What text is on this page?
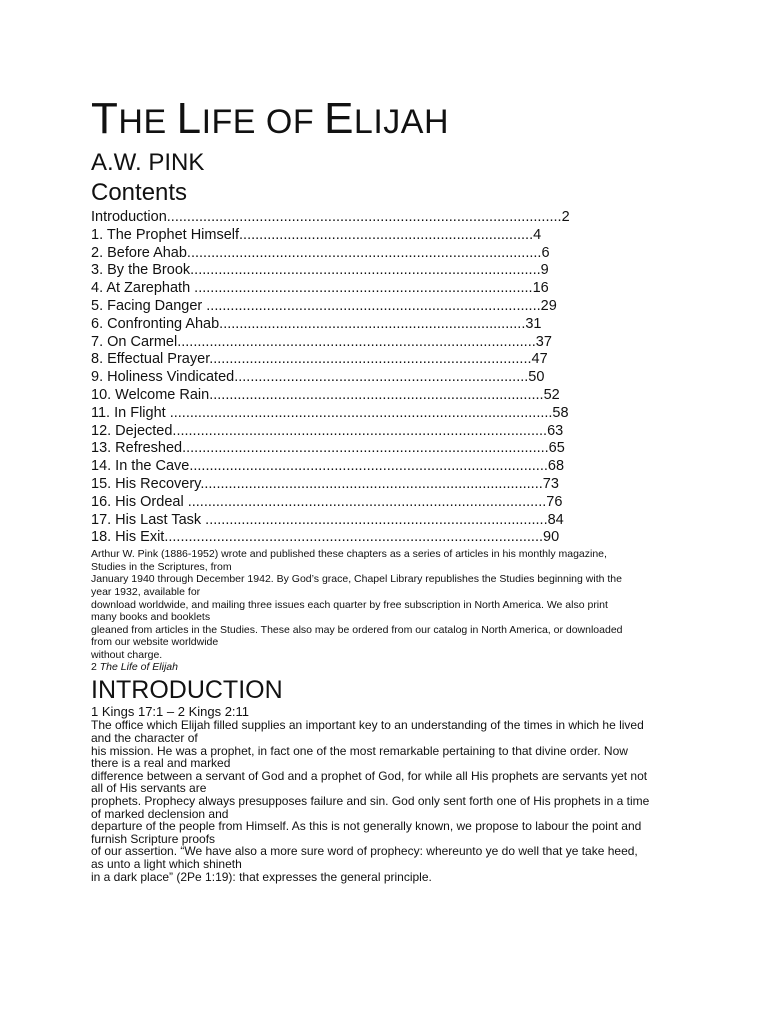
THE LIFE OF ELIJAH
A.W. PINK
Contents
Introduction..................................................................................................2
1. The Prophet Himself.........................................................................4
2. Before Ahab........................................................................................6
3. By the Brook.......................................................................................9
4. At Zarephath ....................................................................................16
5. Facing Danger ...................................................................................29
6. Confronting Ahab............................................................................31
7. On Carmel.........................................................................................37
8. Effectual Prayer................................................................................47
9. Holiness Vindicated.........................................................................50
10. Welcome Rain...................................................................................52
11. In Flight ...............................................................................................58
12. Dejected.............................................................................................63
13. Refreshed...........................................................................................65
14. In the Cave.........................................................................................68
15. His Recovery.....................................................................................73
16. His Ordeal .........................................................................................76
17. His Last Task .....................................................................................84
18. His Exit..............................................................................................90
Arthur W. Pink (1886-1952) wrote and published these chapters as a series of articles in his monthly magazine,
Studies in the Scriptures, from
January 1940 through December 1942. By God’s grace, Chapel Library republishes the Studies beginning with the
year 1932, available for
download worldwide, and mailing three issues each quarter by free subscription in North America. We also print
many books and booklets
gleaned from articles in the Studies. These also may be ordered from our catalog in North America, or downloaded
from our website worldwide
without charge.
2 The Life of Elijah
INTRODUCTION
1 Kings 17:1 – 2 Kings 2:11
The office which Elijah filled supplies an important key to an understanding of the times in which he lived
and the character of
his mission. He was a prophet, in fact one of the most remarkable pertaining to that divine order. Now
there is a real and marked
difference between a servant of God and a prophet of God, for while all His prophets are servants yet not
all of His servants are
prophets. Prophecy always presupposes failure and sin. God only sent forth one of His prophets in a time
of marked declension and
departure of the people from Himself. As this is not generally known, we propose to labour the point and
furnish Scripture proofs
of our assertion. “We have also a more sure word of prophecy: whereunto ye do well that ye take heed,
as unto a light which shineth
in a dark place” (2Pe 1:19): that expresses the general principle.
